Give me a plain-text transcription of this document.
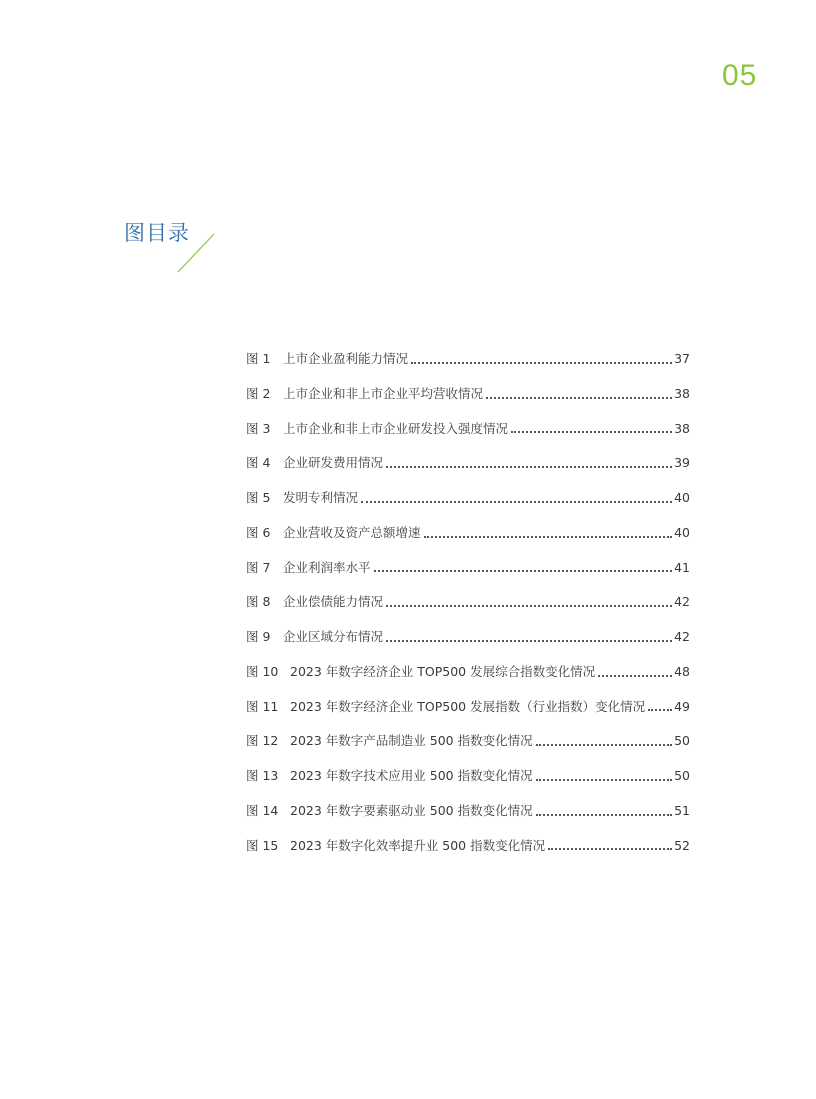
05
图目录
图 1	上市企业盈利能力情况	37
图 2	上市企业和非上市企业平均营收情况	38
图 3	上市企业和非上市企业研发投入强度情况	38
图 4	企业研发费用情况	39
图 5	发明专利情况	40
图 6	企业营收及资产总额增速	40
图 7	企业利润率水平	41
图 8	企业偿债能力情况	42
图 9	企业区域分布情况	42
图 10 2023 年数字经济企业 TOP500 发展综合指数变化情况	48
图 11 2023 年数字经济企业 TOP500 发展指数（行业指数）变化情况 49
图 12 2023 年数字产品制造业 500 指数变化情况	50
图 13 2023 年数字技术应用业 500 指数变化情况	50
图 14 2023 年数字要素驱动业 500 指数变化情况	51
图 15 2023 年数字化效率提升业 500 指数变化情况	52
